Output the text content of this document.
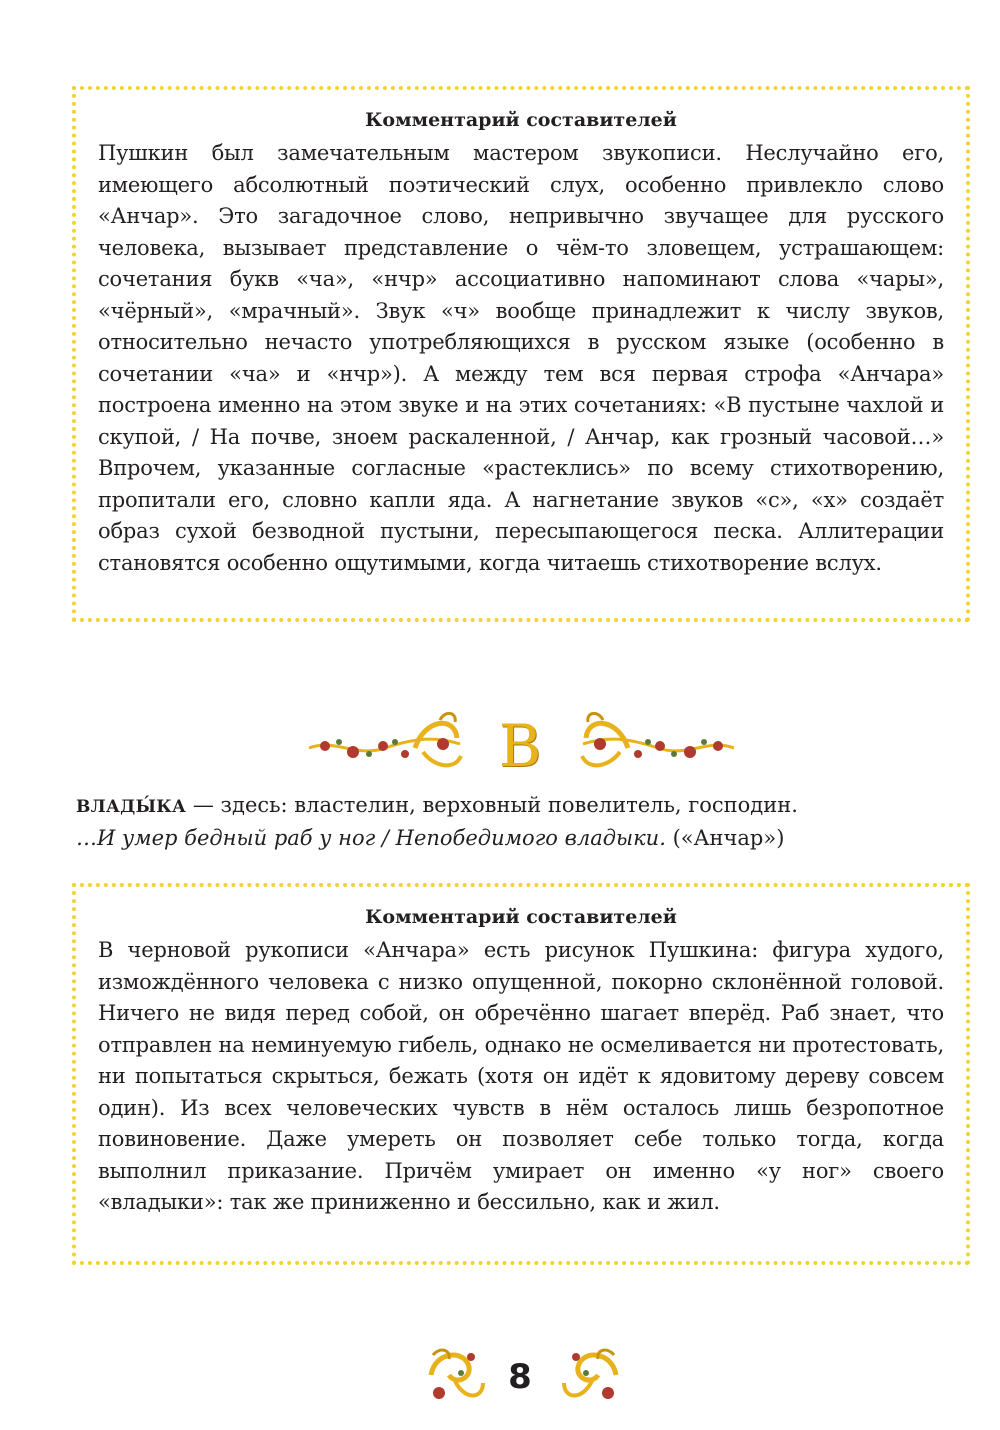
Комментарий составителей

Пушкин был замечательным мастером звукописи. Неслучайно его, имеющего абсолютный поэтический слух, особенно привлекло слово «Анчар». Это загадочное слово, непривычно звучащее для русского человека, вызывает представление о чём-то зловещем, устрашающем: сочетания букв «ча», «нчр» ассоциативно напоминают слова «чары», «чёрный», «мрачный». Звук «ч» вообще принадлежит к числу звуков, относительно нечасто употребляющихся в русском языке (особенно в сочетании «ча» и «нчр»). А между тем вся первая строфа «Анчара» построена именно на этом звуке и на этих сочетаниях: «В пустыне чахлой и скупой, / На почве, зноем раскаленной, / Анчар, как грозный часовой…» Впрочем, указанные согласные «растеклись» по всему стихотворению, пропитали его, словно капли яда. А нагнетание звуков «с», «х» создаёт образ сухой безводной пустыни, пересыпающегося песка. Аллитерации становятся особенно ощутимыми, когда читаешь стихотворение вслух.

В

ВЛАДЫ́КА — здесь: властелин, верховный повелитель, господин.

…И умер бедный раб у ног / Непобедимого владыки. («Анчар»)

Комментарий составителей

В черновой рукописи «Анчара» есть рисунок Пушкина: фигура худого, измождённого человека с низко опущенной, покорно склонённой головой. Ничего не видя перед собой, он обречённо шагает вперёд. Раб знает, что отправлен на неминуемую гибель, однако не осмеливается ни протестовать, ни попытаться скрыться, бежать (хотя он идёт к ядовитому дереву совсем один). Из всех человеческих чувств в нём осталось лишь безропотное повиновение. Даже умереть он позволяет себе только тогда, когда выполнил приказание. Причём умирает он именно «у ног» своего «владыки»: так же приниженно и бессильно, как и жил.

8
